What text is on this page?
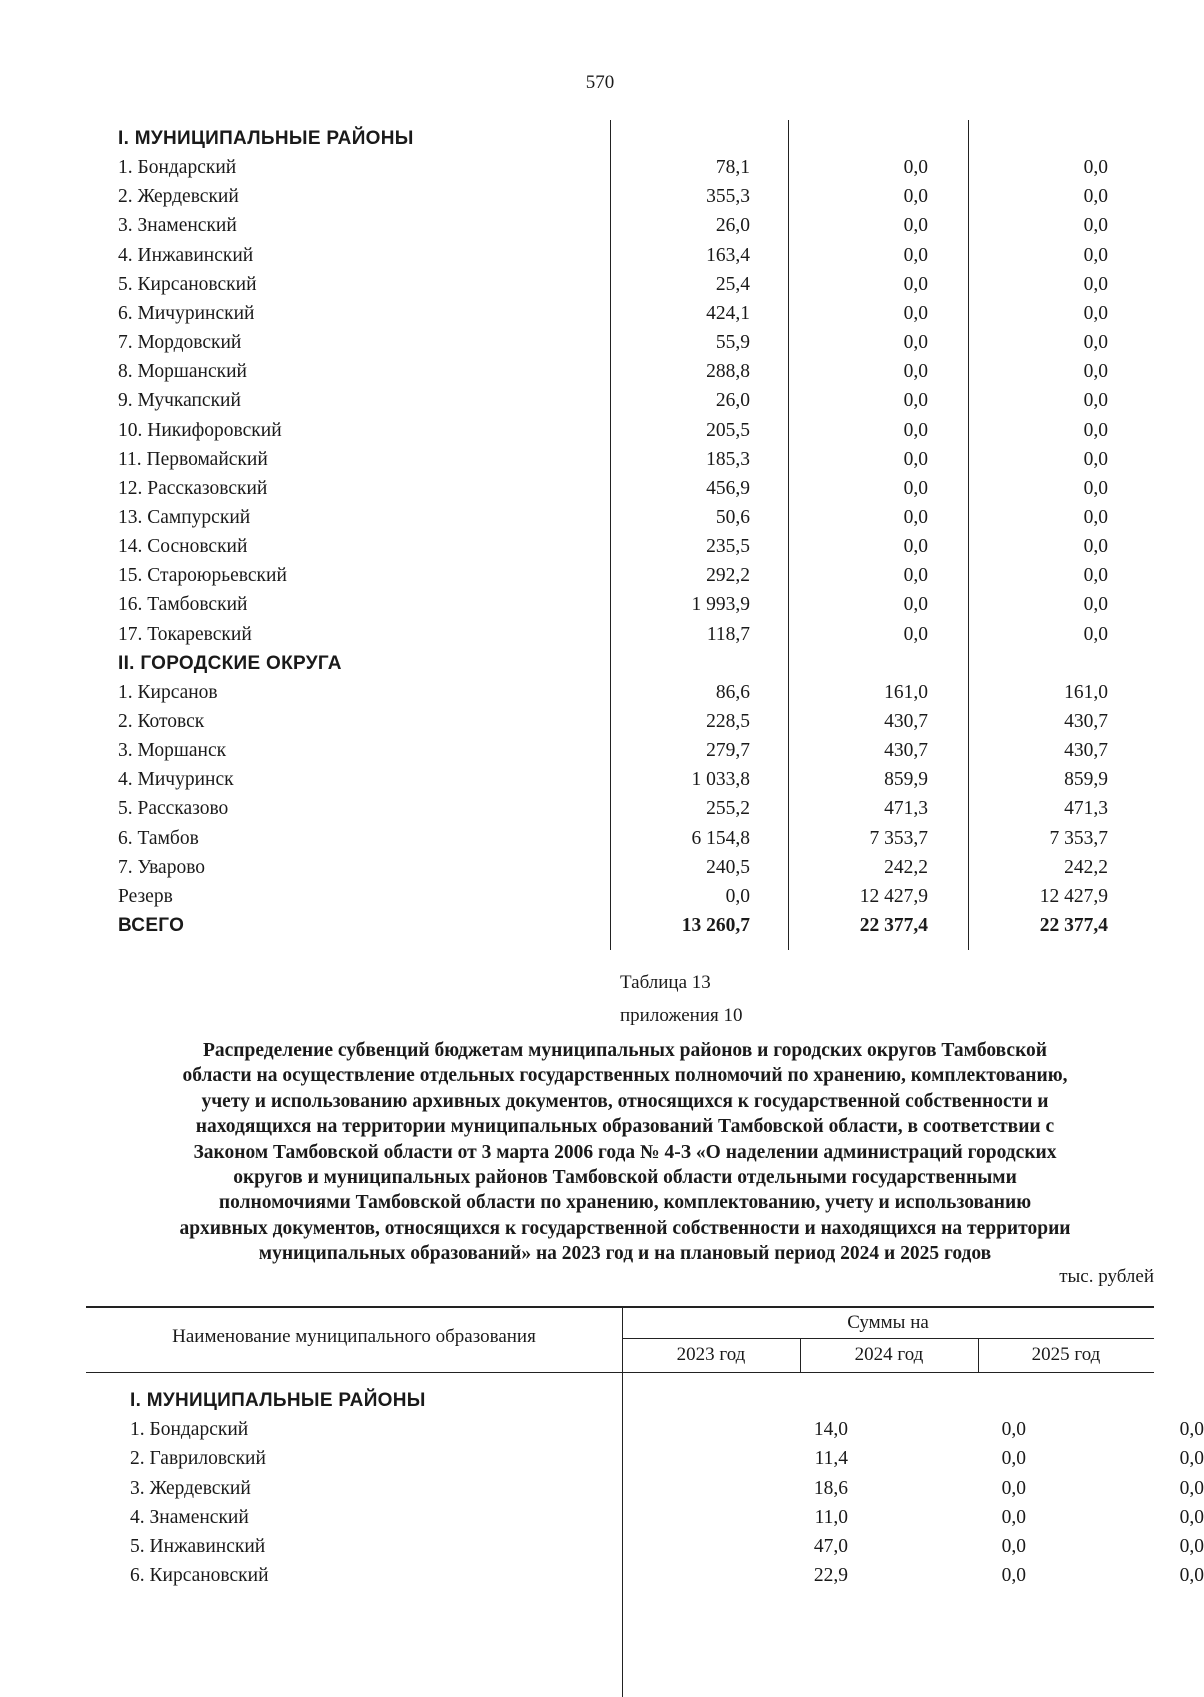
570
I. МУНИЦИПАЛЬНЫЕ РАЙОНЫ
1. Бондарский	78,1	0,0	0,0
2. Жердевский	355,3	0,0	0,0
3. Знаменский	26,0	0,0	0,0
4. Инжавинский	163,4	0,0	0,0
5. Кирсановский	25,4	0,0	0,0
6. Мичуринский	424,1	0,0	0,0
7. Мордовский	55,9	0,0	0,0
8. Моршанский	288,8	0,0	0,0
9. Мучкапский	26,0	0,0	0,0
10. Никифоровский	205,5	0,0	0,0
11. Первомайский	185,3	0,0	0,0
12. Рассказовский	456,9	0,0	0,0
13. Сампурский	50,6	0,0	0,0
14. Сосновский	235,5	0,0	0,0
15. Староюрьевский	292,2	0,0	0,0
16. Тамбовский	1 993,9	0,0	0,0
17. Токаревский	118,7	0,0	0,0
II. ГОРОДСКИЕ ОКРУГА
1. Кирсанов	86,6	161,0	161,0
2. Котовск	228,5	430,7	430,7
3. Моршанск	279,7	430,7	430,7
4. Мичуринск	1 033,8	859,9	859,9
5. Рассказово	255,2	471,3	471,3
6. Тамбов	6 154,8	7 353,7	7 353,7
7. Уварово	240,5	242,2	242,2
Резерв	0,0	12 427,9	12 427,9
ВСЕГО	13 260,7	22 377,4	22 377,4
Таблица 13
приложения 10
Распределение субвенций бюджетам муниципальных районов и городских округов Тамбовской
области на осуществление отдельных государственных полномочий по хранению, комплектованию,
учету и использованию архивных документов, относящихся к государственной собственности и
находящихся на территории муниципальных образований Тамбовской области, в соответствии с
Законом Тамбовской области от 3 марта 2006 года № 4-З «О наделении администраций городских
округов и муниципальных районов Тамбовской области отдельными государственными
полномочиями Тамбовской области по хранению, комплектованию, учету и использованию
архивных документов, относящихся к государственной собственности и находящихся на территории
муниципальных образований» на 2023 год и на плановый период 2024 и 2025 годов
тыс. рублей
Наименование муниципального образования
Суммы на
2023 год	2024 год	2025 год
I. МУНИЦИПАЛЬНЫЕ РАЙОНЫ
1. Бондарский	14,0	0,0	0,0
2. Гавриловский	11,4	0,0	0,0
3. Жердевский	18,6	0,0	0,0
4. Знаменский	11,0	0,0	0,0
5. Инжавинский	47,0	0,0	0,0
6. Кирсановский	22,9	0,0	0,0
